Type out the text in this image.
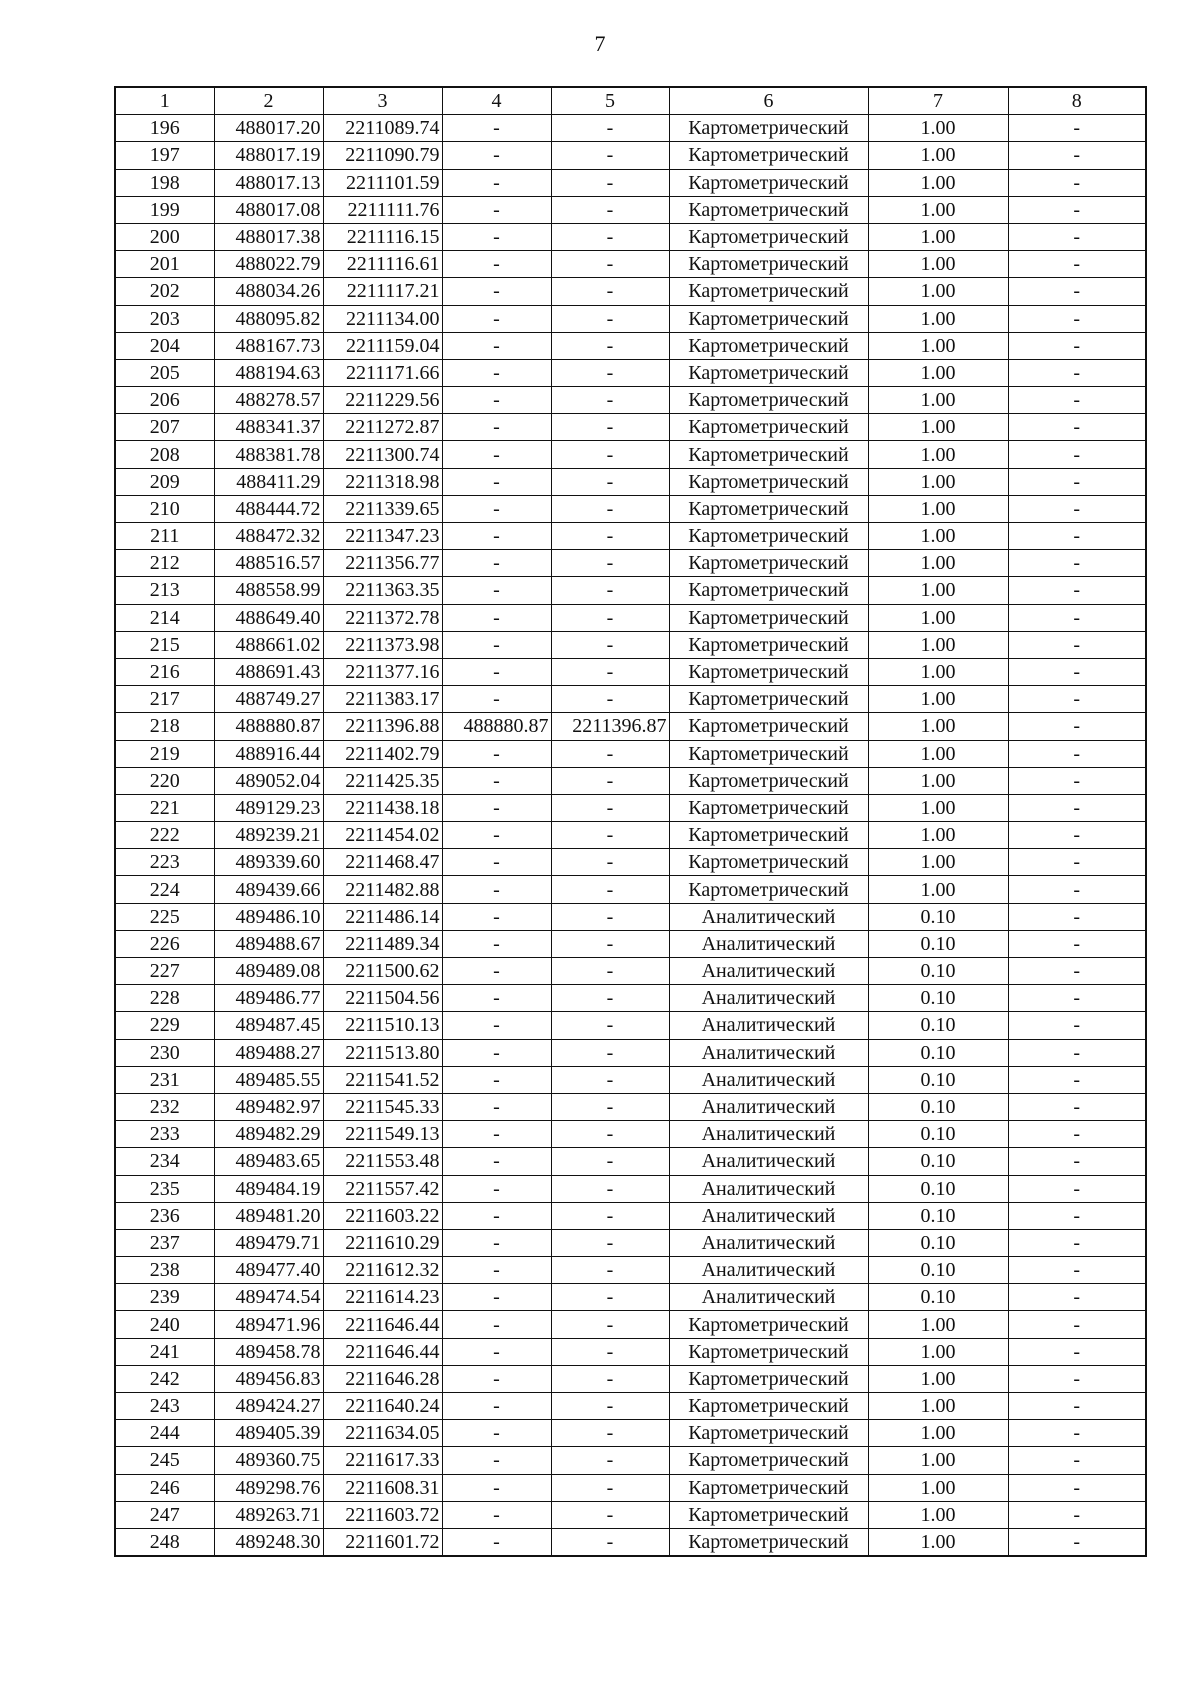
7
1	2	3	4	5	6	7	8
196	488017.20	2211089.74	-	-	Картометрический	1.00	-
197	488017.19	2211090.79	-	-	Картометрический	1.00	-
198	488017.13	2211101.59	-	-	Картометрический	1.00	-
199	488017.08	2211111.76	-	-	Картометрический	1.00	-
200	488017.38	2211116.15	-	-	Картометрический	1.00	-
201	488022.79	2211116.61	-	-	Картометрический	1.00	-
202	488034.26	2211117.21	-	-	Картометрический	1.00	-
203	488095.82	2211134.00	-	-	Картометрический	1.00	-
204	488167.73	2211159.04	-	-	Картометрический	1.00	-
205	488194.63	2211171.66	-	-	Картометрический	1.00	-
206	488278.57	2211229.56	-	-	Картометрический	1.00	-
207	488341.37	2211272.87	-	-	Картометрический	1.00	-
208	488381.78	2211300.74	-	-	Картометрический	1.00	-
209	488411.29	2211318.98	-	-	Картометрический	1.00	-
210	488444.72	2211339.65	-	-	Картометрический	1.00	-
211	488472.32	2211347.23	-	-	Картометрический	1.00	-
212	488516.57	2211356.77	-	-	Картометрический	1.00	-
213	488558.99	2211363.35	-	-	Картометрический	1.00	-
214	488649.40	2211372.78	-	-	Картометрический	1.00	-
215	488661.02	2211373.98	-	-	Картометрический	1.00	-
216	488691.43	2211377.16	-	-	Картометрический	1.00	-
217	488749.27	2211383.17	-	-	Картометрический	1.00	-
218	488880.87	2211396.88	488880.87	2211396.87	Картометрический	1.00	-
219	488916.44	2211402.79	-	-	Картометрический	1.00	-
220	489052.04	2211425.35	-	-	Картометрический	1.00	-
221	489129.23	2211438.18	-	-	Картометрический	1.00	-
222	489239.21	2211454.02	-	-	Картометрический	1.00	-
223	489339.60	2211468.47	-	-	Картометрический	1.00	-
224	489439.66	2211482.88	-	-	Картометрический	1.00	-
225	489486.10	2211486.14	-	-	Аналитический	0.10	-
226	489488.67	2211489.34	-	-	Аналитический	0.10	-
227	489489.08	2211500.62	-	-	Аналитический	0.10	-
228	489486.77	2211504.56	-	-	Аналитический	0.10	-
229	489487.45	2211510.13	-	-	Аналитический	0.10	-
230	489488.27	2211513.80	-	-	Аналитический	0.10	-
231	489485.55	2211541.52	-	-	Аналитический	0.10	-
232	489482.97	2211545.33	-	-	Аналитический	0.10	-
233	489482.29	2211549.13	-	-	Аналитический	0.10	-
234	489483.65	2211553.48	-	-	Аналитический	0.10	-
235	489484.19	2211557.42	-	-	Аналитический	0.10	-
236	489481.20	2211603.22	-	-	Аналитический	0.10	-
237	489479.71	2211610.29	-	-	Аналитический	0.10	-
238	489477.40	2211612.32	-	-	Аналитический	0.10	-
239	489474.54	2211614.23	-	-	Аналитический	0.10	-
240	489471.96	2211646.44	-	-	Картометрический	1.00	-
241	489458.78	2211646.44	-	-	Картометрический	1.00	-
242	489456.83	2211646.28	-	-	Картометрический	1.00	-
243	489424.27	2211640.24	-	-	Картометрический	1.00	-
244	489405.39	2211634.05	-	-	Картометрический	1.00	-
245	489360.75	2211617.33	-	-	Картометрический	1.00	-
246	489298.76	2211608.31	-	-	Картометрический	1.00	-
247	489263.71	2211603.72	-	-	Картометрический	1.00	-
248	489248.30	2211601.72	-	-	Картометрический	1.00	-
